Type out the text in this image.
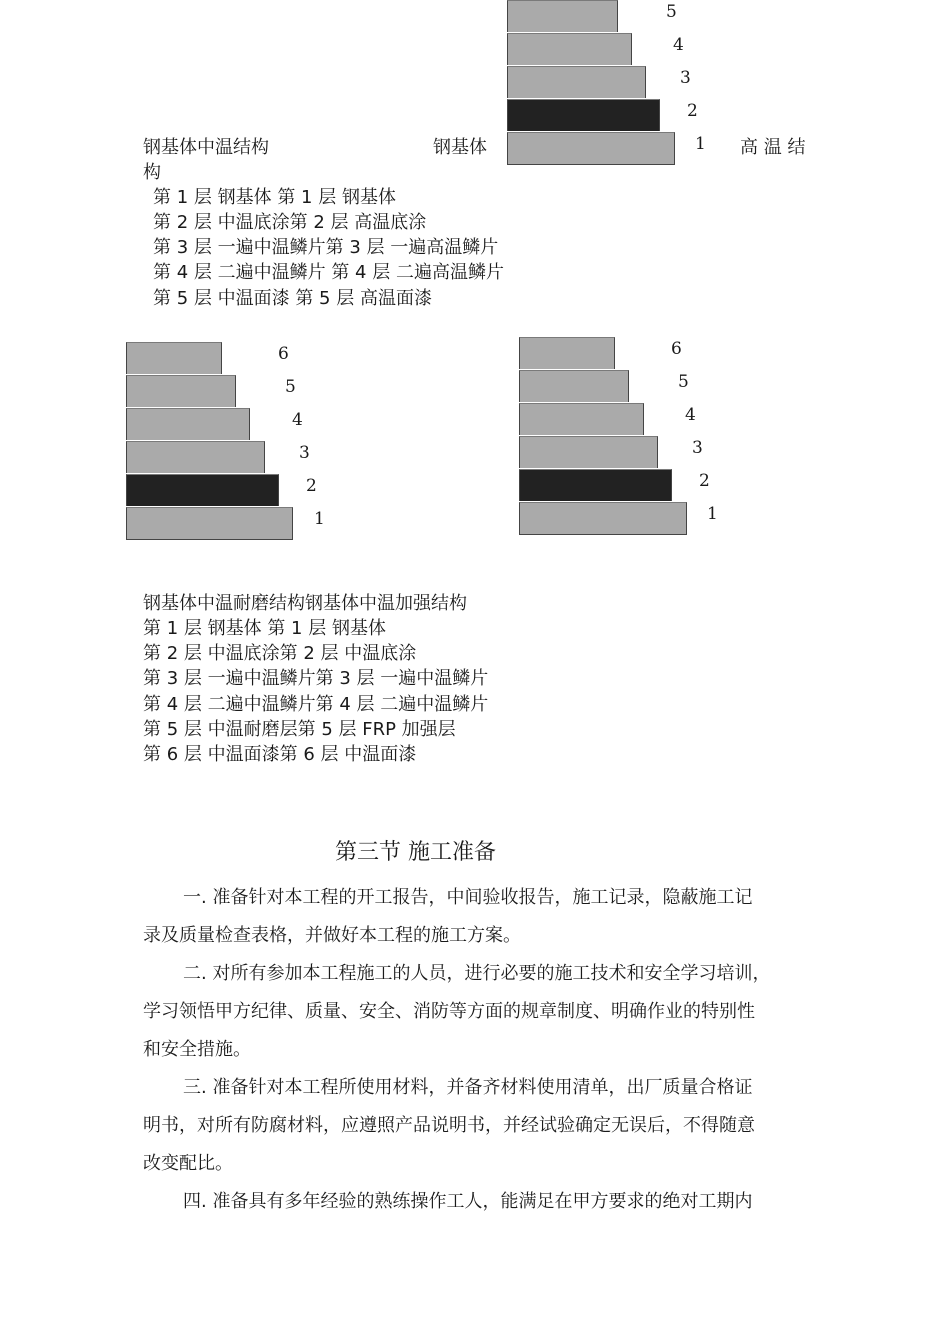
5
4
3
2
1
钢基体中温结构	钢基体	高 温 结
构
第 1 层 钢基体 第 1 层 钢基体
第 2 层 中温底涂第 2 层 高温底涂
第 3 层 一遍中温鳞片第 3 层 一遍高温鳞片
第 4 层 二遍中温鳞片 第 4 层 二遍高温鳞片
第 5 层 中温面漆 第 5 层 高温面漆
6
5
4
3
2
1
6
5
4
3
2
1
钢基体中温耐磨结构钢基体中温加强结构
第 1 层 钢基体 第 1 层 钢基体
第 2 层 中温底涂第 2 层 中温底涂
第 3 层 一遍中温鳞片第 3 层 一遍中温鳞片
第 4 层 二遍中温鳞片第 4 层 二遍中温鳞片
第 5 层 中温耐磨层第 5 层 FRP 加强层
第 6 层 中温面漆第 6 层 中温面漆
第三节 施工准备
一. 准备针对本工程的开工报告，中间验收报告，施工记录，隐蔽施工记
录及质量检查表格，并做好本工程的施工方案。
二. 对所有参加本工程施工的人员，进行必要的施工技术和安全学习培训，
学习领悟甲方纪律、质量、安全、消防等方面的规章制度、明确作业的特别性
和安全措施。
三. 准备针对本工程所使用材料，并备齐材料使用清单，出厂质量合格证
明书，对所有防腐材料，应遵照产品说明书，并经试验确定无误后，不得随意
改变配比。
四. 准备具有多年经验的熟练操作工人，能满足在甲方要求的绝对工期内
